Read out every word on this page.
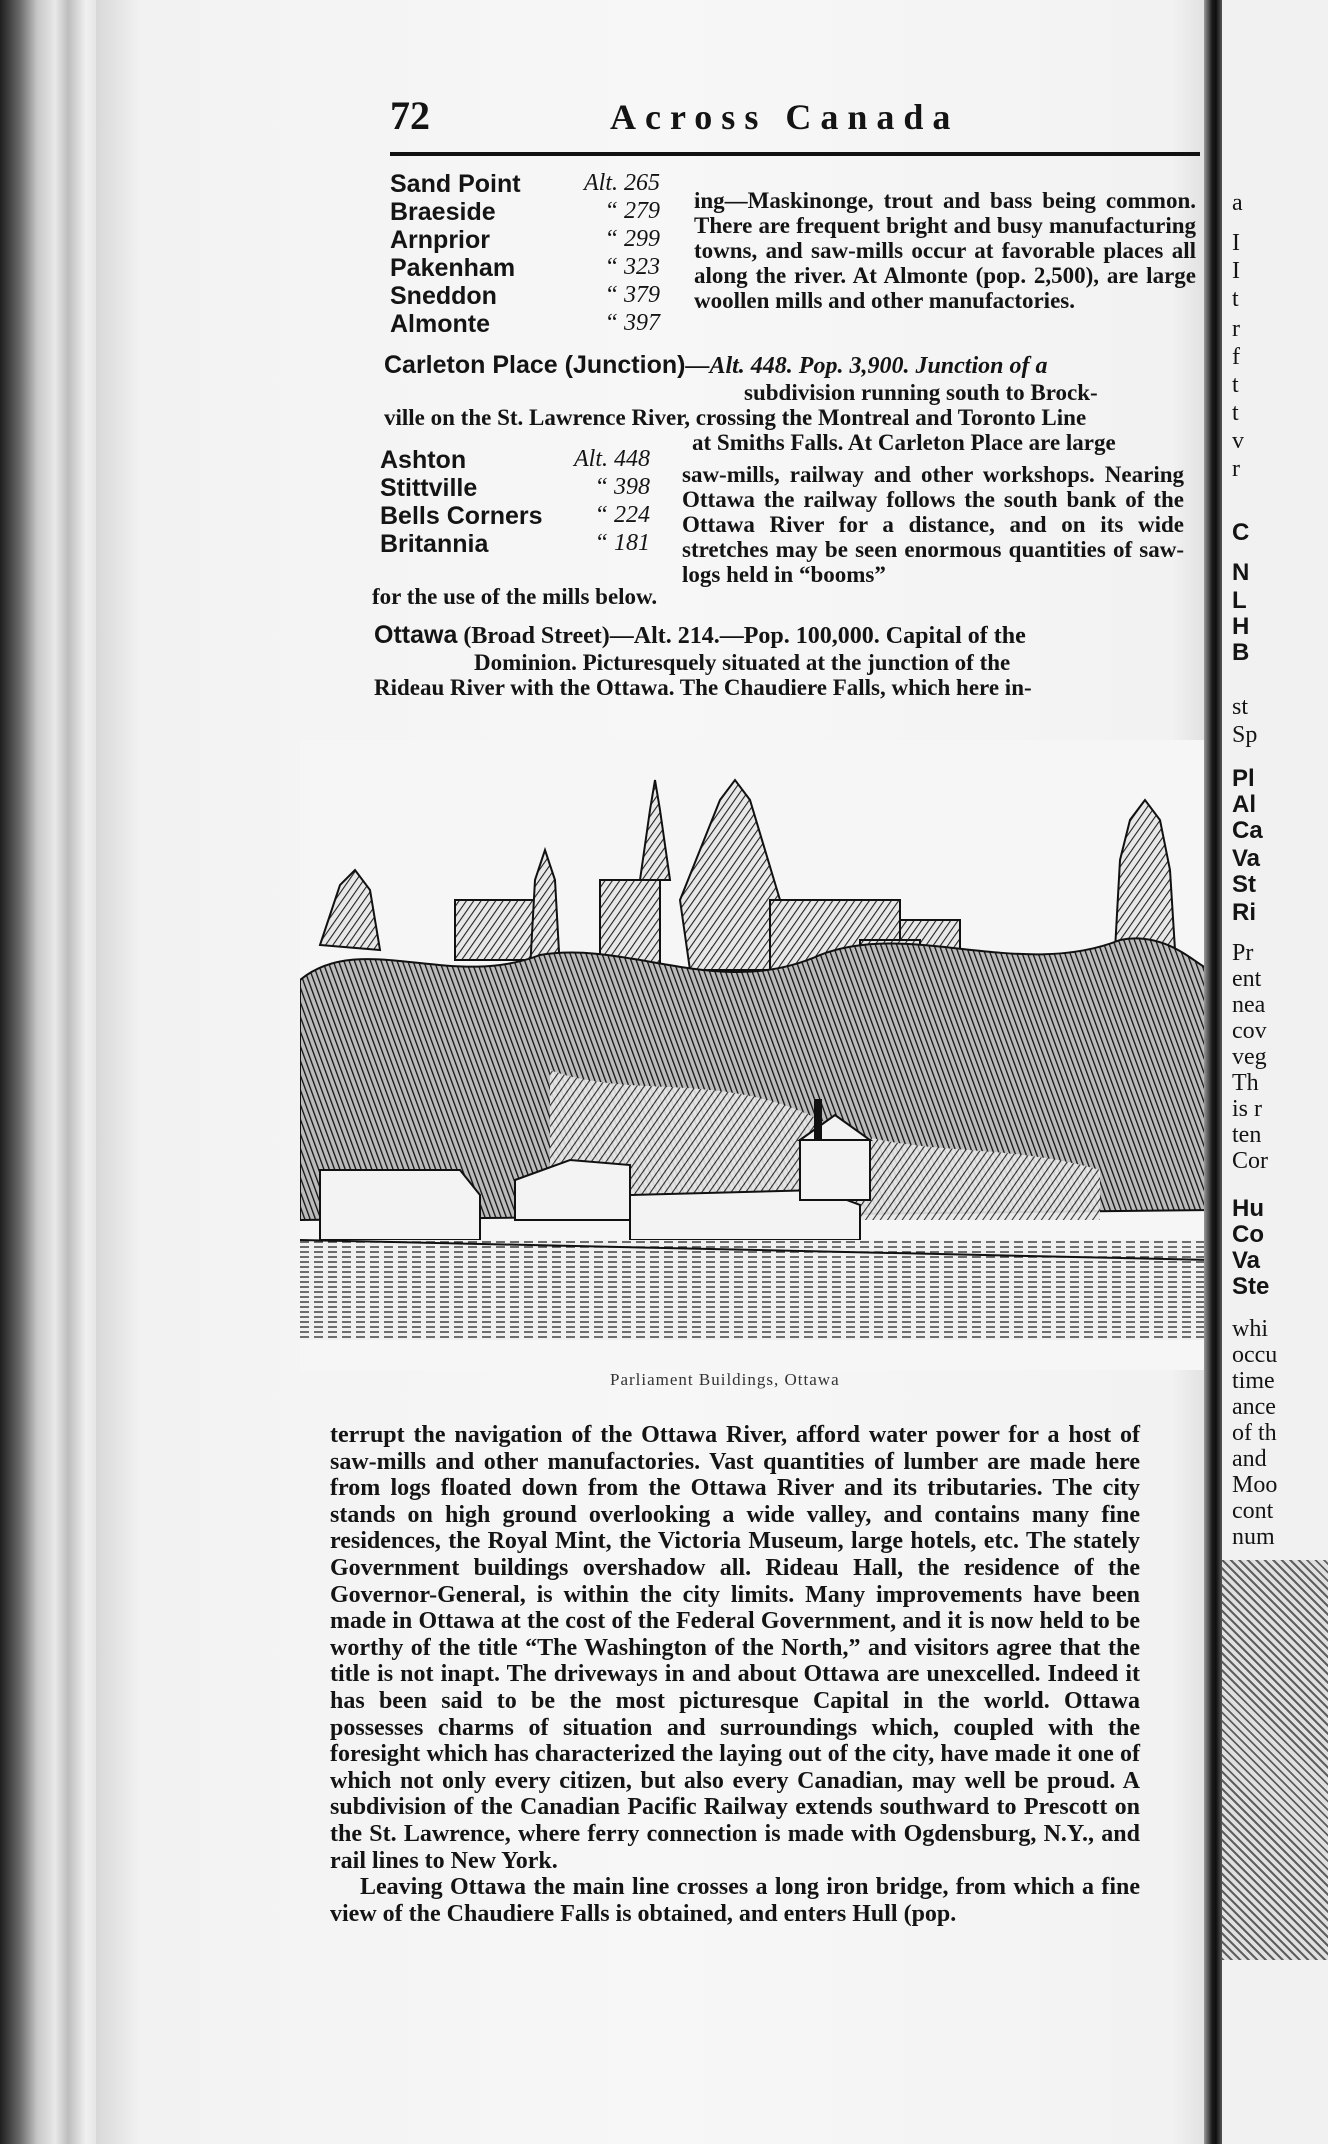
72	Across Canada
Sand Point	Alt. 265
Braeside	“ 279
Arnprior	“ 299
Pakenham	“ 323
Sneddon	“ 379
Almonte	“ 397
ing—Maskinonge, trout and bass being common. There are frequent bright and busy manufacturing towns, and saw-mills occur at favorable places all along the river. At Almonte (pop. 2,500), are large woollen mills and other manufactories.
Carleton Place (Junction)—Alt. 448. Pop. 3,900. Junction of a
subdivision running south to Brock-
ville on the St. Lawrence River, crossing the Montreal and Toronto Line
at Smiths Falls. At Carleton Place are large
Ashton	Alt. 448
Stittville	“ 398
Bells Corners	“ 224
Britannia	“ 181
saw-mills, railway and other workshops. Nearing Ottawa the railway follows the south bank of the Ottawa River for a distance, and on its wide stretches may be seen enormous quantities of saw-logs held in “booms”
for the use of the mills below.
Ottawa (Broad Street)—Alt. 214.—Pop. 100,000. Capital of the
Dominion. Picturesquely situated at the junction of the
Rideau River with the Ottawa. The Chaudiere Falls, which here in-
Parliament Buildings, Ottawa
terrupt the navigation of the Ottawa River, afford water power for a host of saw-mills and other manufactories. Vast quantities of lumber are made here from logs floated down from the Ottawa River and its tributaries. The city stands on high ground overlooking a wide valley, and contains many fine residences, the Royal Mint, the Victoria Museum, large hotels, etc. The stately Government buildings overshadow all. Rideau Hall, the residence of the Governor-General, is within the city limits. Many improvements have been made in Ottawa at the cost of the Federal Government, and it is now held to be worthy of the title “The Washington of the North,” and visitors agree that the title is not inapt. The driveways in and about Ottawa are unexcelled. Indeed it has been said to be the most picturesque Capital in the world. Ottawa possesses charms of situation and surroundings which, coupled with the foresight which has characterized the laying out of the city, have made it one of which not only every citizen, but also every Canadian, may well be proud. A subdivision of the Canadian Pacific Railway extends southward to Prescott on the St. Lawrence, where ferry connection is made with Ogdensburg, N.Y., and rail lines to New York.
Leaving Ottawa the main line crosses a long iron bridge, from which a fine view of the Chaudiere Falls is obtained, and enters Hull (pop.
a
I
I
t
r
f
t
t
v
r
C
N
L
H
B
st
Sp
Pl
Al
Ca
Va
St
Ri
Pr
ent
nea
cov
veg
Th
is r
ten
Cor
Hu
Co
Va
Ste
whi
occu
time
ance
of th
and
Moo
cont
num
